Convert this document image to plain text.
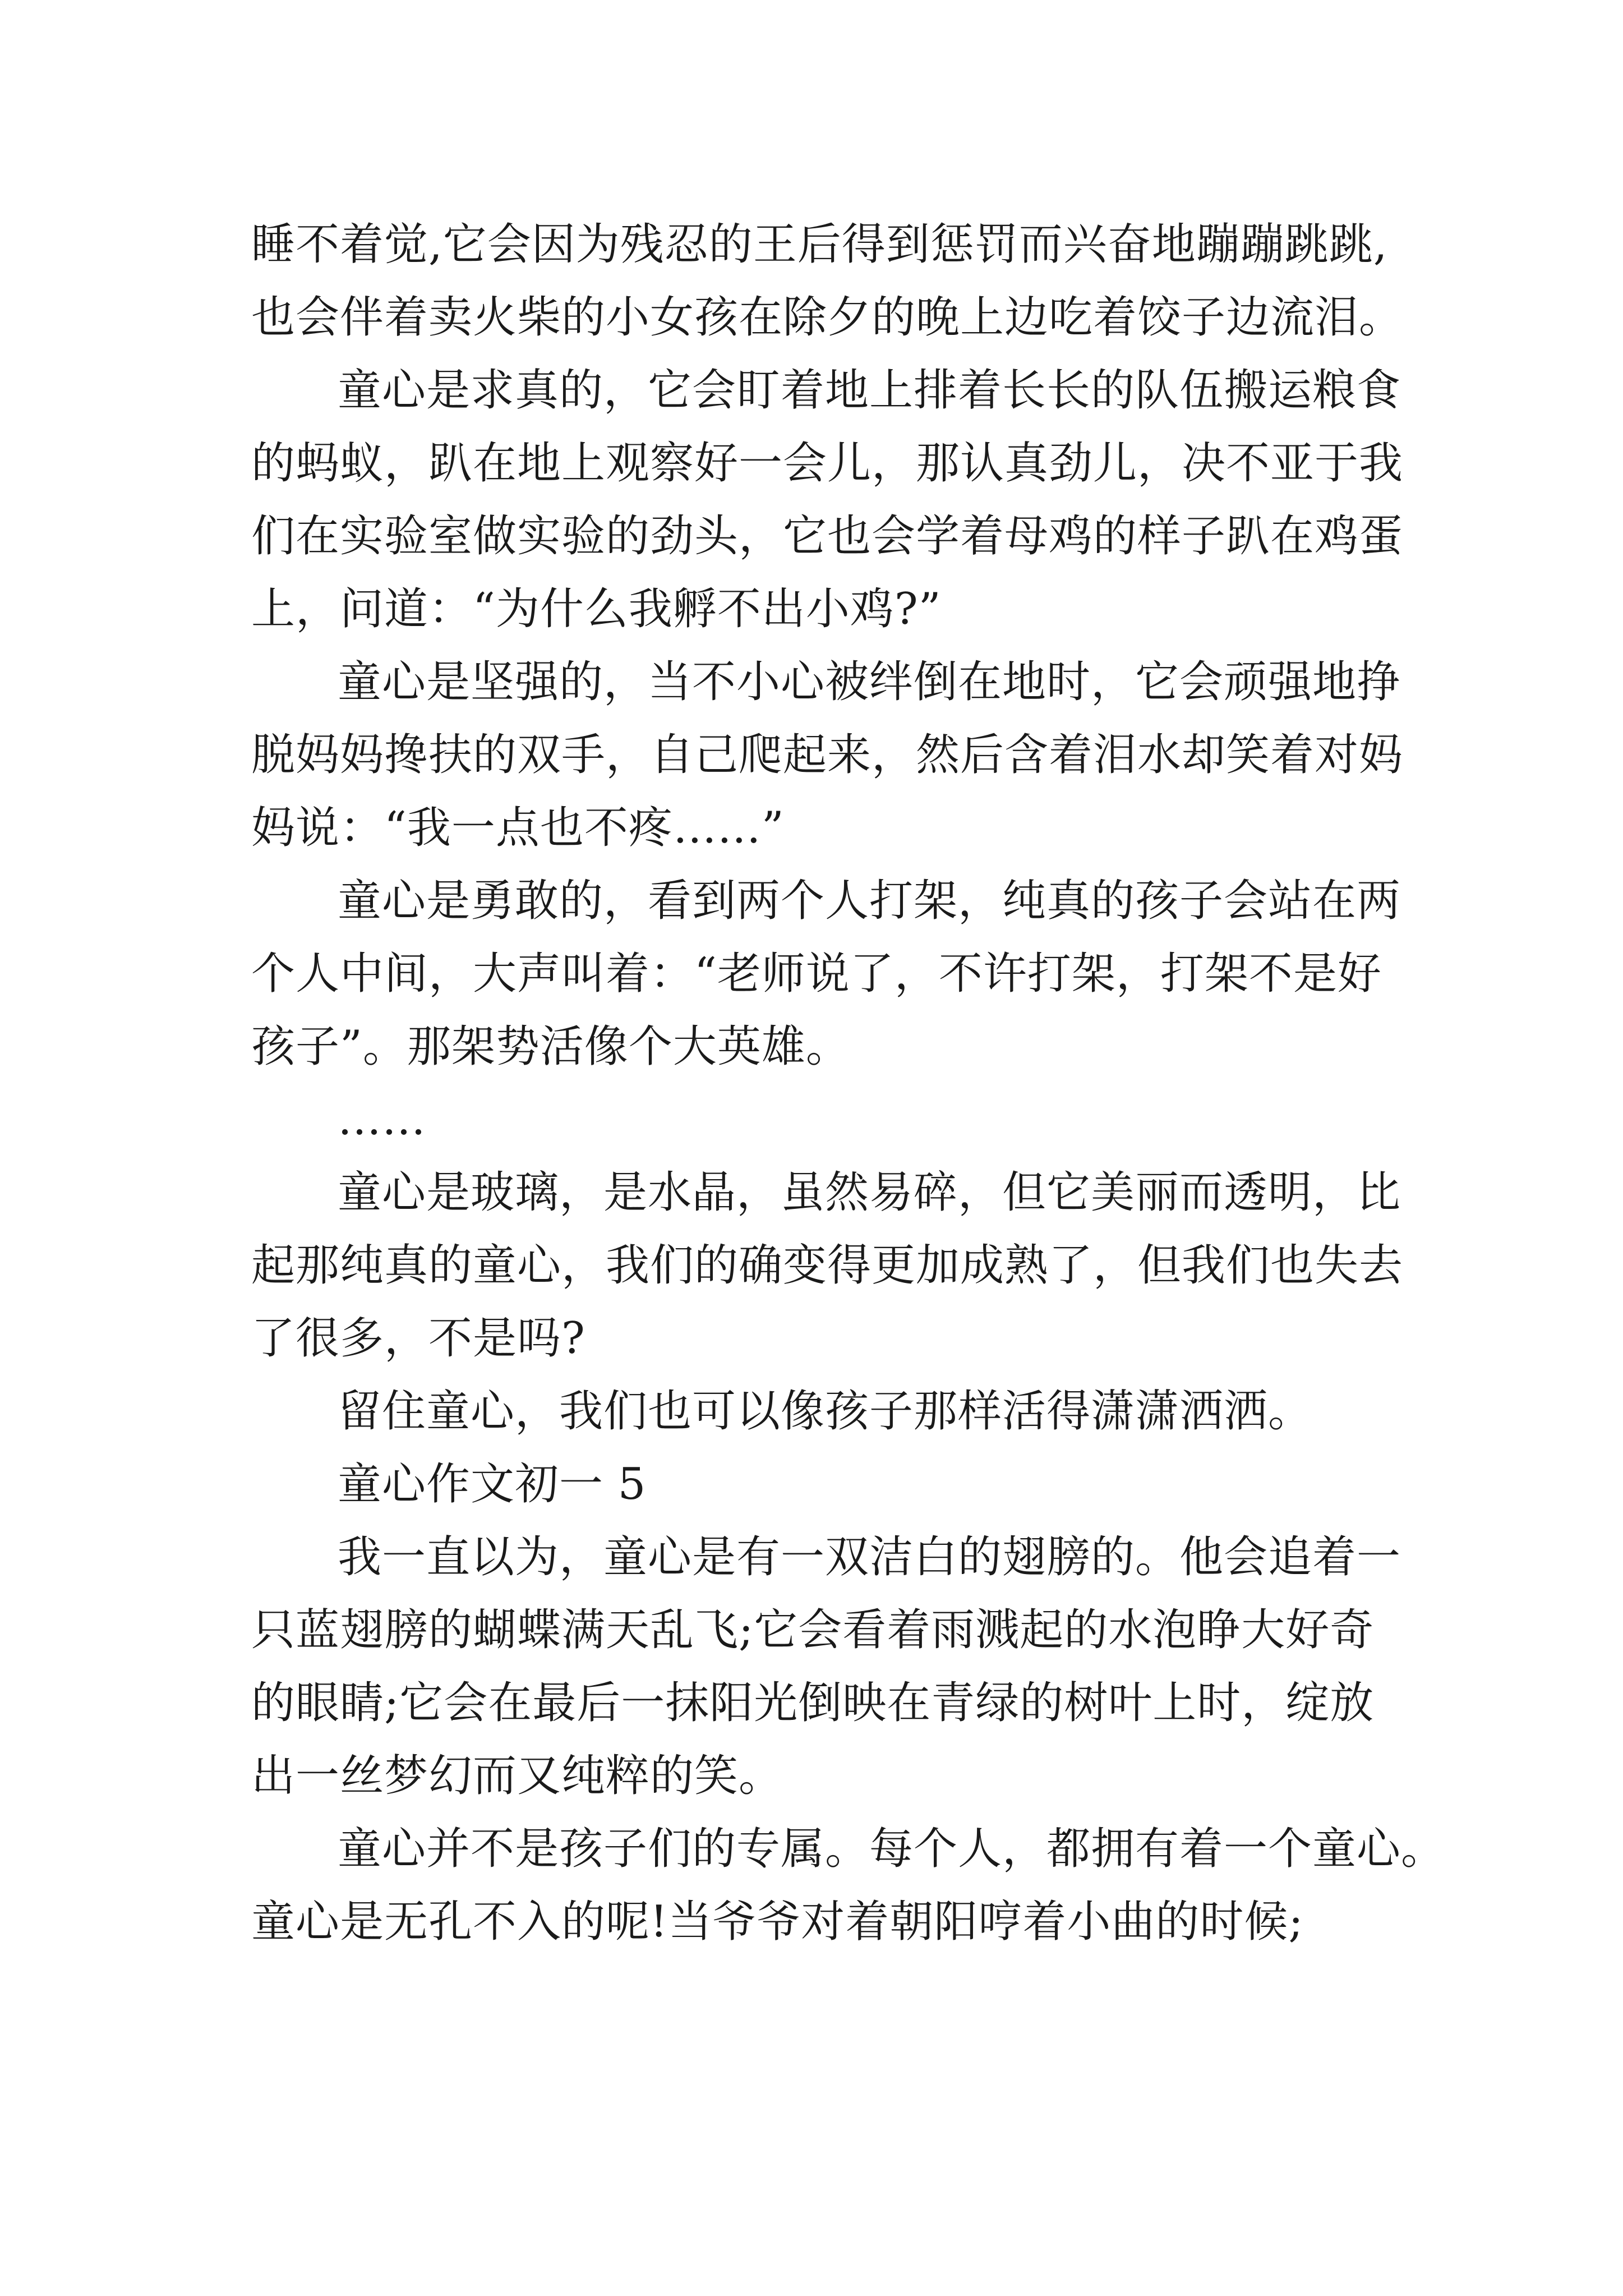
睡不着觉,它会因为残忍的王后得到惩罚而兴奋地蹦蹦跳跳,
也会伴着卖火柴的小女孩在除夕的晚上边吃着饺子边流泪。
童心是求真的，它会盯着地上排着长长的队伍搬运粮食
的蚂蚁，趴在地上观察好一会儿，那认真劲儿，决不亚于我
们在实验室做实验的劲头，它也会学着母鸡的样子趴在鸡蛋
上，问道：“为什么我孵不出小鸡?”
童心是坚强的，当不小心被绊倒在地时，它会顽强地挣
脱妈妈搀扶的双手，自己爬起来，然后含着泪水却笑着对妈
妈说：“我一点也不疼……”
童心是勇敢的，看到两个人打架，纯真的孩子会站在两
个人中间，大声叫着：“老师说了，不许打架，打架不是好
孩子”。那架势活像个大英雄。
……
童心是玻璃，是水晶，虽然易碎，但它美丽而透明，比
起那纯真的童心，我们的确变得更加成熟了，但我们也失去
了很多，不是吗?
留住童心，我们也可以像孩子那样活得潇潇洒洒。
童心作文初一 5
我一直以为，童心是有一双洁白的翅膀的。他会追着一
只蓝翅膀的蝴蝶满天乱飞;它会看着雨溅起的水泡睁大好奇
的眼睛;它会在最后一抹阳光倒映在青绿的树叶上时，绽放
出一丝梦幻而又纯粹的笑。
童心并不是孩子们的专属。每个人，都拥有着一个童心。
童心是无孔不入的呢!当爷爷对着朝阳哼着小曲的时候;
